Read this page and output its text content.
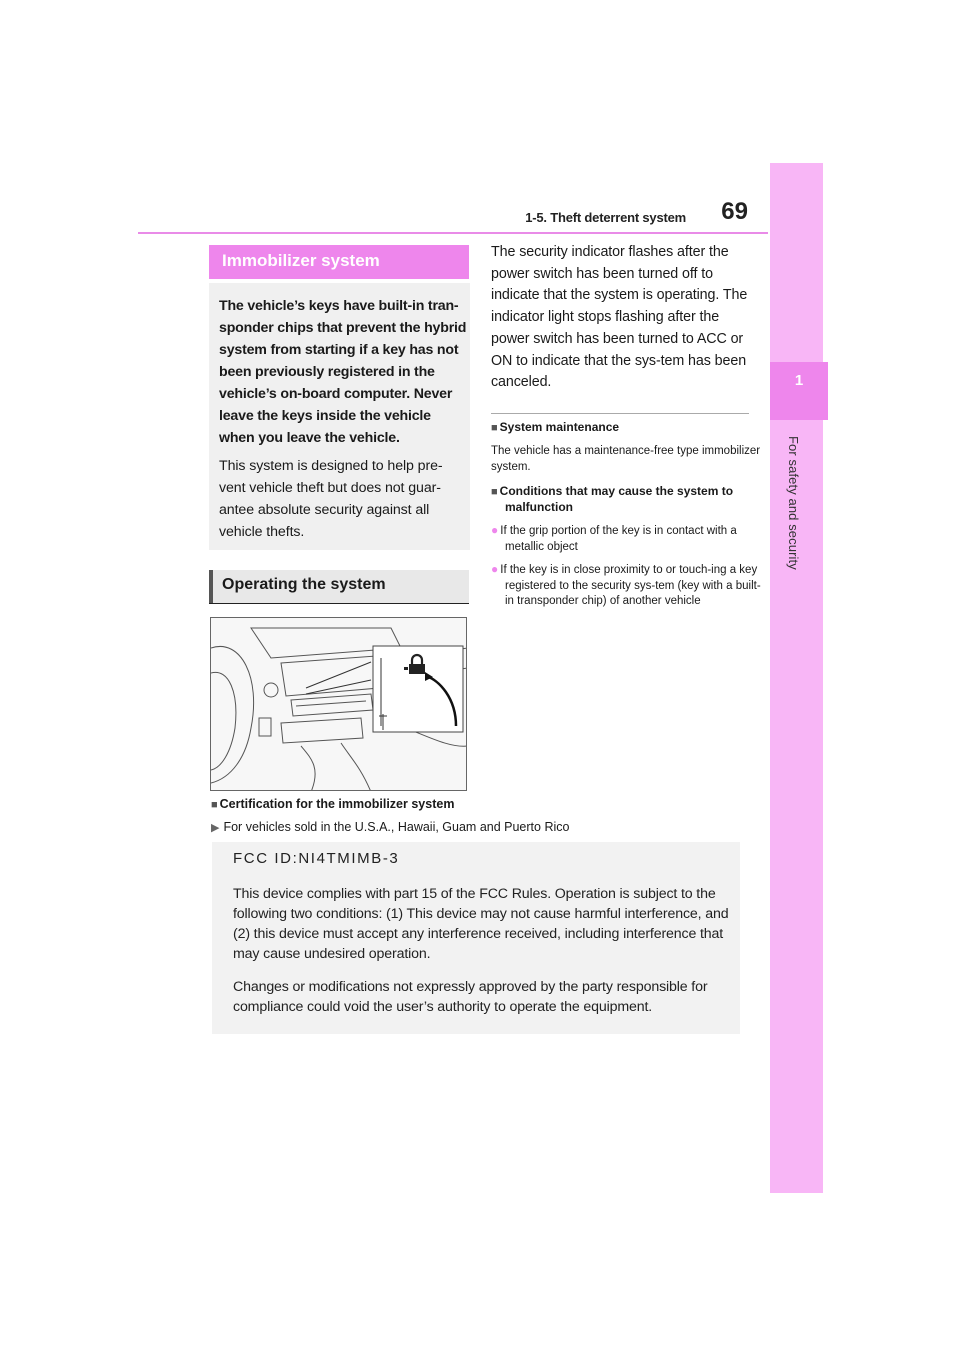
1-5. Theft deterrent system 69
1
For safety and security
Immobilizer system
The vehicle’s keys have built-in tran-sponder chips that prevent the hybrid system from starting if a key has not been previously registered in the vehicle’s on-board computer. Never leave the keys inside the vehicle when you leave the vehicle.
This system is designed to help pre-vent vehicle theft but does not guar-antee absolute security against all vehicle thefts.
Operating the system
The security indicator flashes after the power switch has been turned off to indicate that the system is operating. The indicator light stops flashing after the power switch has been turned to ACC or ON to indicate that the sys-tem has been canceled.
■ System maintenance
The vehicle has a maintenance-free type immobilizer system.
■ Conditions that may cause the system to malfunction
● If the grip portion of the key is in contact with a metallic object
● If the key is in close proximity to or touch-ing a key registered to the security sys-tem (key with a built-in transponder chip) of another vehicle
■ Certification for the immobilizer system
▶ For vehicles sold in the U.S.A., Hawaii, Guam and Puerto Rico
FCC ID:NI4TMIMB-3
This device complies with part 15 of the FCC Rules. Operation is subject to the following two conditions: (1) This device may not cause harmful interference, and (2) this device must accept any interference received, including interference that may cause undesired operation.
Changes or modifications not expressly approved by the party responsible for compliance could void the user’s authority to operate the equipment.
